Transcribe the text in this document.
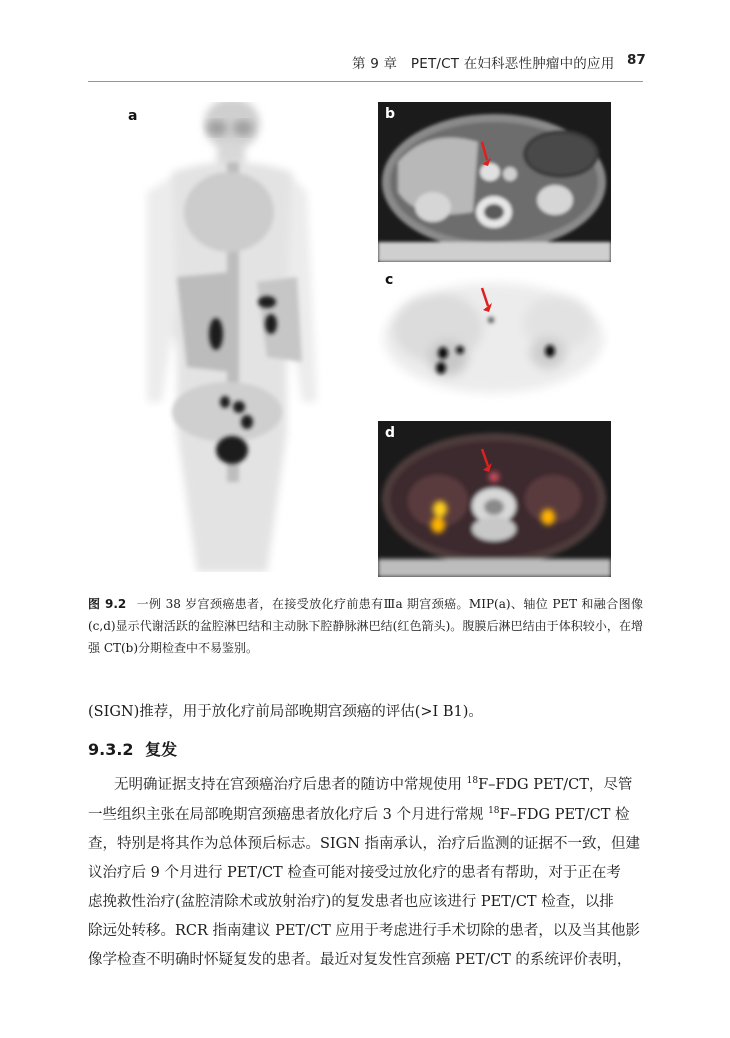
第 9 章　PET/CT 在妇科恶性肿瘤中的应用 87
a	b
c
d
图 9.2 一例 38 岁宫颈癌患者，在接受放化疗前患有Ⅲa 期宫颈癌。MIP(a)、轴位 PET 和融合图像(c,d)显示代谢活跃的盆腔淋巴结和主动脉下腔静脉淋巴结(红色箭头)。腹膜后淋巴结由于体积较小，在增强 CT(b)分期检查中不易鉴别。
(SIGN)推荐，用于放化疗前局部晚期宫颈癌的评估(>Ⅰ B1)。
9.3.2 复发
无明确证据支持在宫颈癌治疗后患者的随访中常规使用 $^{18}$F–FDG PET/CT，尽管
一些组织主张在局部晚期宫颈癌患者放化疗后 3 个月进行常规 $^{18}$F–FDG PET/CT 检
查，特别是将其作为总体预后标志。SIGN 指南承认，治疗后监测的证据不一致，但建
议治疗后 9 个月进行 PET/CT 检查可能对接受过放化疗的患者有帮助，对于正在考
虑挽救性治疗(盆腔清除术或放射治疗)的复发患者也应该进行 PET/CT 检查，以排
除远处转移。RCR 指南建议 PET/CT 应用于考虑进行手术切除的患者，以及当其他影
像学检查不明确时怀疑复发的患者。最近对复发性宫颈癌 PET/CT 的系统评价表明，
